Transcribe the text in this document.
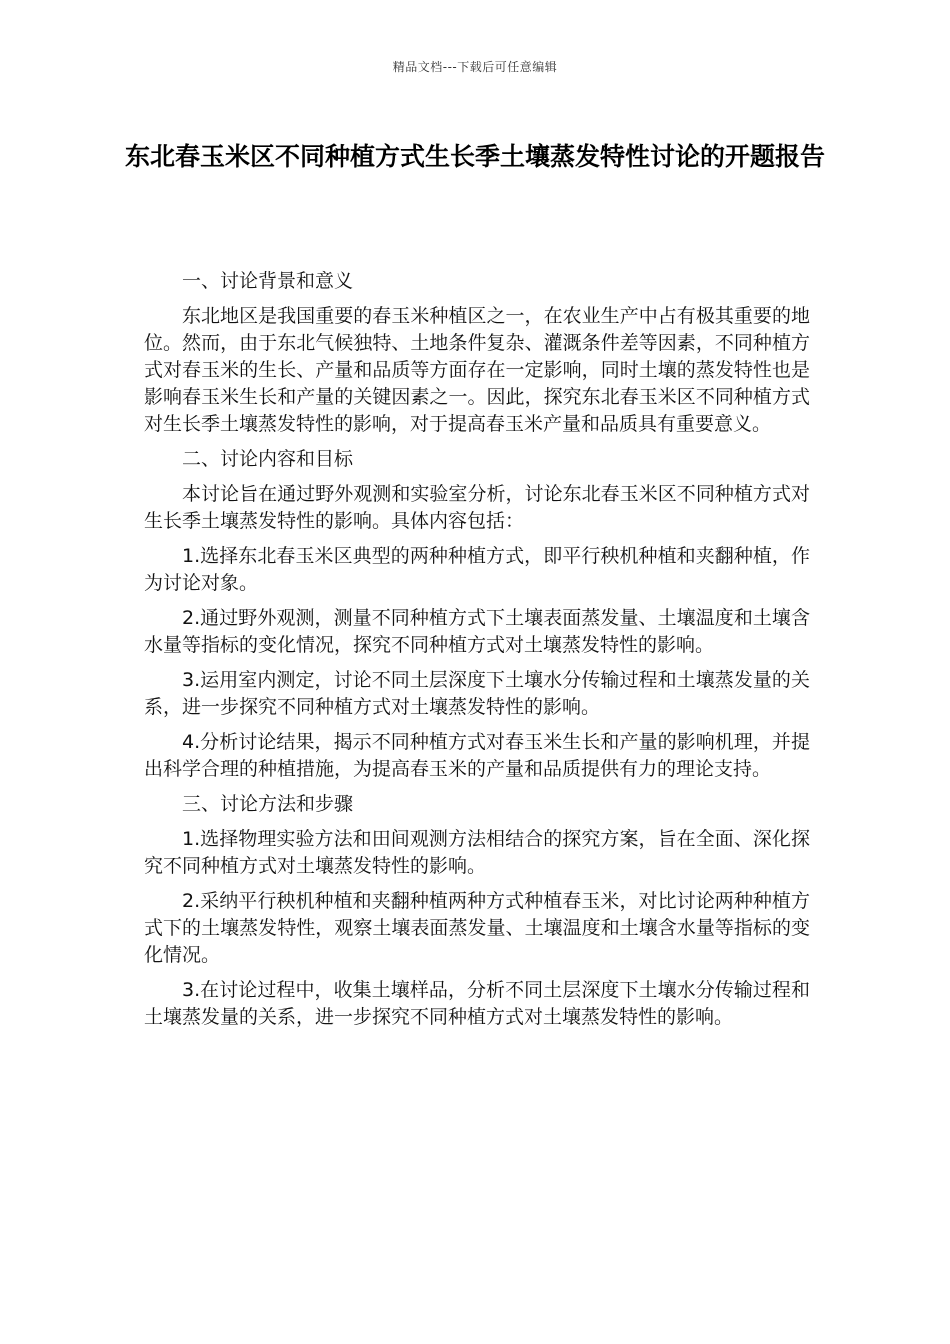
精品文档---下载后可任意编辑
东北春玉米区不同种植方式生长季土壤蒸发特性讨论的开题报告

一、讨论背景和意义

东北地区是我国重要的春玉米种植区之一，在农业生产中占有极其重要的地位。然而，由于东北气候独特、土地条件复杂、灌溉条件差等因素，不同种植方式对春玉米的生长、产量和品质等方面存在一定影响，同时土壤的蒸发特性也是影响春玉米生长和产量的关键因素之一。因此，探究东北春玉米区不同种植方式对生长季土壤蒸发特性的影响，对于提高春玉米产量和品质具有重要意义。

二、讨论内容和目标

本讨论旨在通过野外观测和实验室分析，讨论东北春玉米区不同种植方式对生长季土壤蒸发特性的影响。具体内容包括：

1.选择东北春玉米区典型的两种种植方式，即平行秧机种植和夹翻种植，作为讨论对象。

2.通过野外观测，测量不同种植方式下土壤表面蒸发量、土壤温度和土壤含水量等指标的变化情况，探究不同种植方式对土壤蒸发特性的影响。

3.运用室内测定，讨论不同土层深度下土壤水分传输过程和土壤蒸发量的关系，进一步探究不同种植方式对土壤蒸发特性的影响。

4.分析讨论结果，揭示不同种植方式对春玉米生长和产量的影响机理，并提出科学合理的种植措施，为提高春玉米的产量和品质提供有力的理论支持。

三、讨论方法和步骤

1.选择物理实验方法和田间观测方法相结合的探究方案，旨在全面、深化探究不同种植方式对土壤蒸发特性的影响。

2.采纳平行秧机种植和夹翻种植两种方式种植春玉米，对比讨论两种种植方式下的土壤蒸发特性，观察土壤表面蒸发量、土壤温度和土壤含水量等指标的变化情况。

3.在讨论过程中，收集土壤样品，分析不同土层深度下土壤水分传输过程和土壤蒸发量的关系，进一步探究不同种植方式对土壤蒸发特性的影响。
